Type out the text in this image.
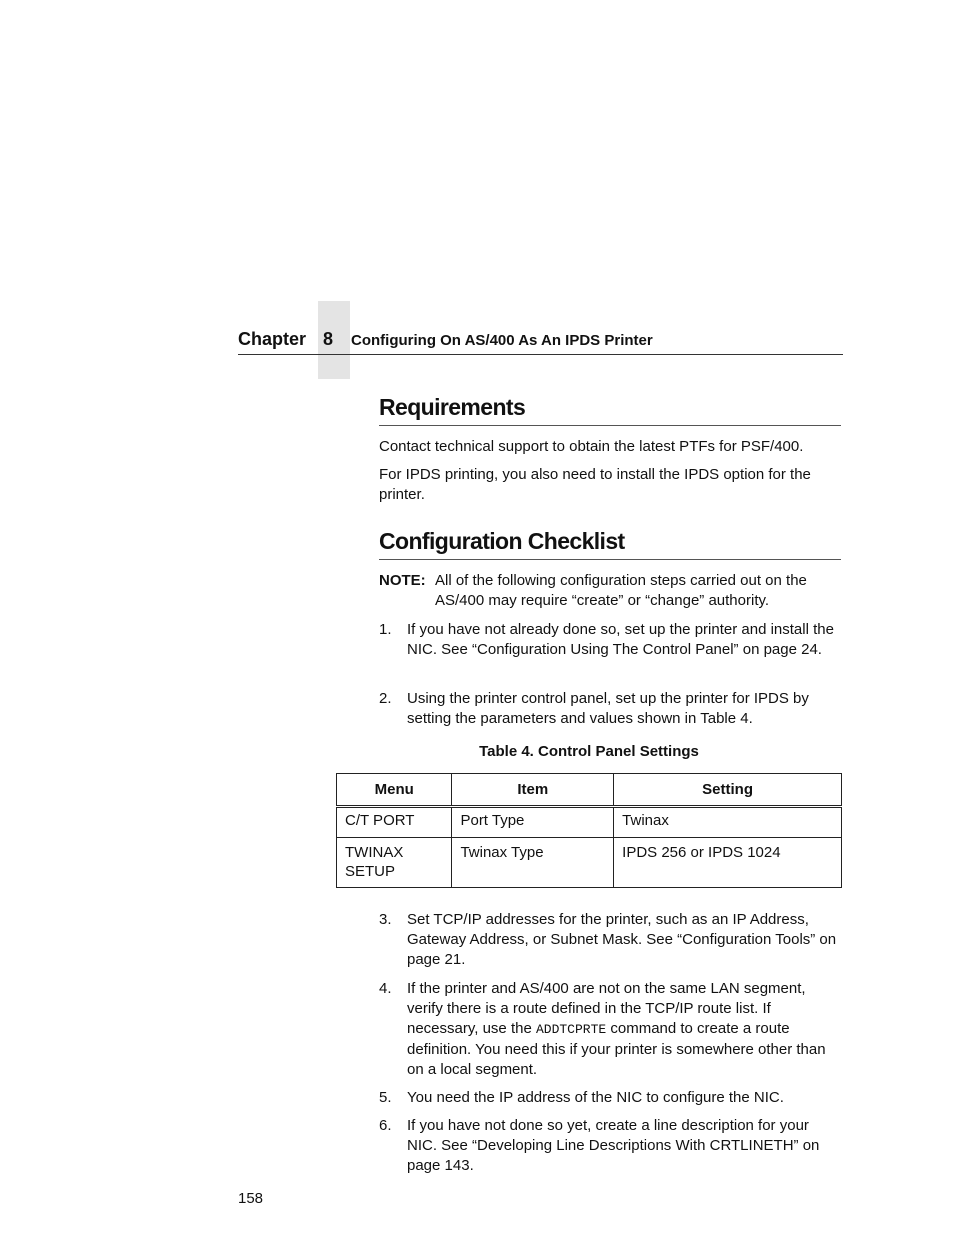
Chapter 8	Configuring On AS/400 As An IPDS Printer
Requirements
Contact technical support to obtain the latest PTFs for PSF/400.
For IPDS printing, you also need to install the IPDS option for the printer.
Configuration Checklist
NOTE: All of the following configuration steps carried out on the AS/400 may require “create” or “change” authority.
1. If you have not already done so, set up the printer and install the NIC. See “Configuration Using The Control Panel” on page 24.
2. Using the printer control panel, set up the printer for IPDS by setting the parameters and values shown in Table 4.
Table 4. Control Panel Settings
Menu	Item	Setting
C/T PORT	Port Type	Twinax
TWINAX SETUP	Twinax Type	IPDS 256 or IPDS 1024
3. Set TCP/IP addresses for the printer, such as an IP Address, Gateway Address, or Subnet Mask. See “Configuration Tools” on page 21.
4. If the printer and AS/400 are not on the same LAN segment, verify there is a route defined in the TCP/IP route list. If necessary, use the ADDTCPRTE command to create a route definition. You need this if your printer is somewhere other than on a local segment.
5. You need the IP address of the NIC to configure the NIC.
6. If you have not done so yet, create a line description for your NIC. See “Developing Line Descriptions With CRTLINETH” on page 143.
158
